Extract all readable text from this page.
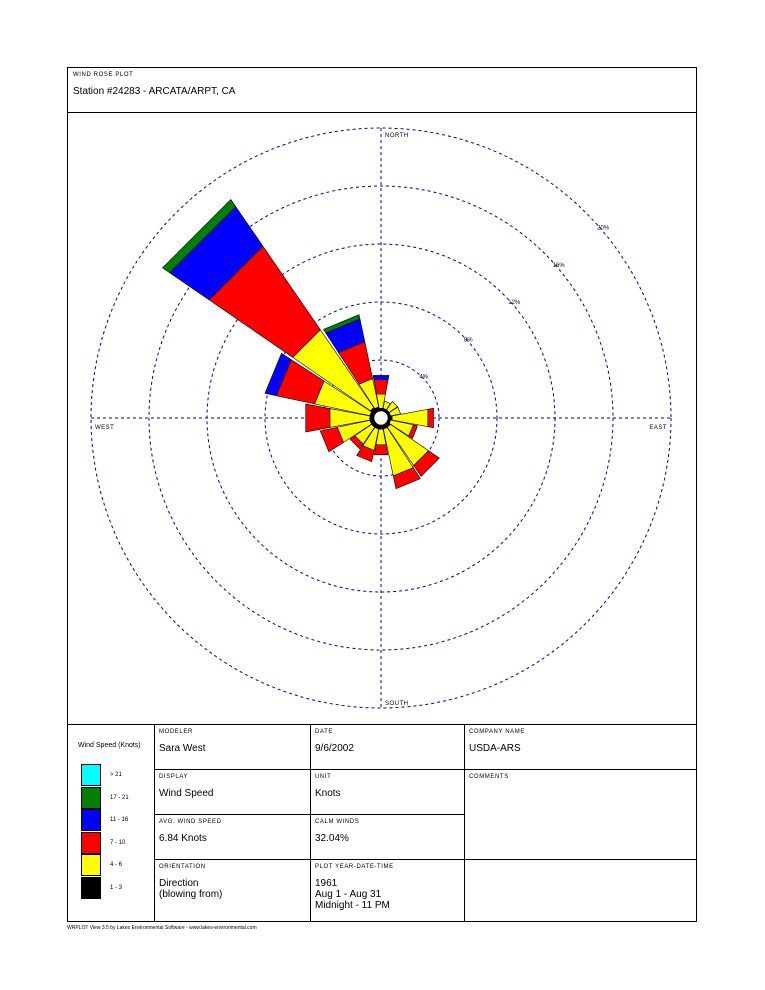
WIND ROSE PLOT
Station #24283 - ARCATA/ARPT, CA
4%
8%
12%
16%
20%
NORTH
SOUTH
WEST	EAST
Wind Speed (Knots)
> 21
17 - 21
11 - 16
7 - 10
4 - 6
1 - 3
MODELER
Sara West
DATE
9/6/2002
COMPANY NAME
USDA-ARS
DISPLAY
Wind Speed
UNIT
Knots
COMMENTS
AVG. WIND SPEED
6.84 Knots
CALM WINDS
32.04%
ORIENTATION
Direction
(blowing from)
PLOT YEAR-DATE-TIME
1961
Aug 1 - Aug 31
Midnight - 11 PM
WRPLOT View 3.5 by Lakes Environmental Software - www.lakes-environmental.com
